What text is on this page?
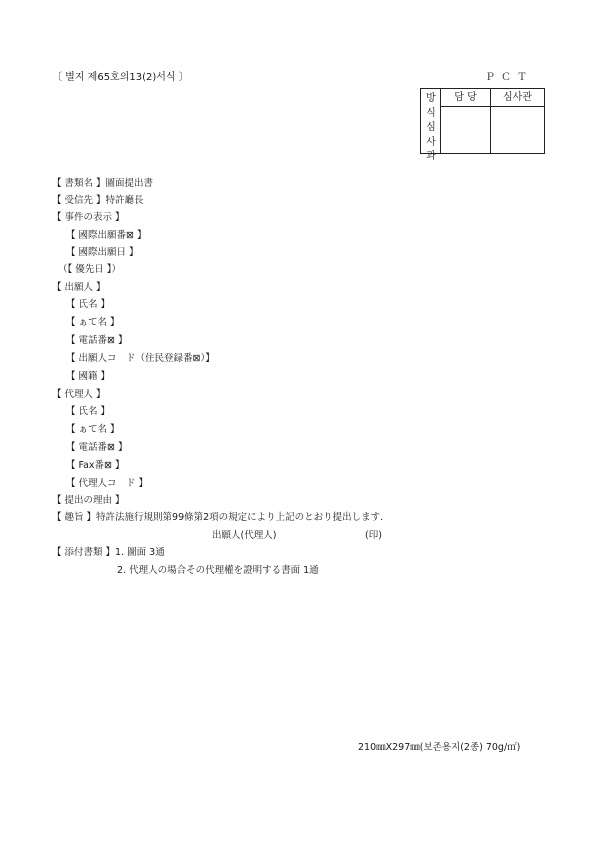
〔 별지 제65호의13(2)서식 〕	ＰＣＴ
방식심사과
담 당	심사관
【 書類名 】圖面提出書
【 受信先 】特許廳長
【 事件の表示 】
【 國際出願番⊠ 】
【 國際出願日 】
（【 優先日 】）
【 出願人 】
【 氏名 】
【 ぁて名 】
【 電話番⊠ 】
【 出願人コ　ド（住民登録番⊠）】
【 國籍 】
【 代理人 】
【 氏名 】
【 ぁて名 】
【 電話番⊠ 】
【 Fax番⊠ 】
【 代理人コ　ド 】
【 提出の理由 】
【 趣旨 】特許法施行規則第99條第2項の規定により上記のとおり提出します.
出願人(代理人)	(印)
【 添付書類 】1. 圖面 3通
2. 代理人の場合その代理權を證明する書面 1通
210㎜X297㎜(보존용지(2종) 70g/㎡)
